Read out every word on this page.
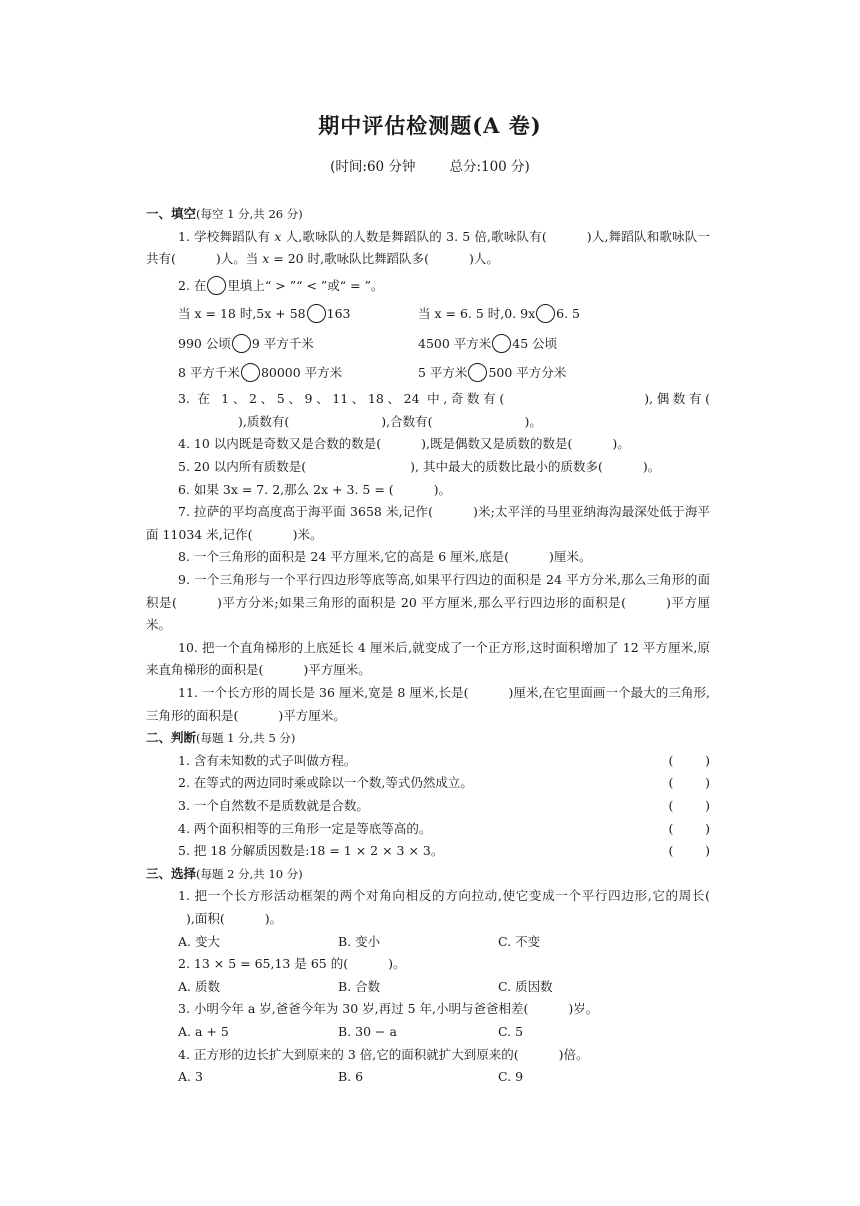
期中评估检测题(A 卷)
(时间:60 分钟	总分:100 分)

一、填空(每空 1 分,共 26 分)

1. 学校舞蹈队有 x 人,歌咏队的人数是舞蹈队的 3. 5 倍,歌咏队有(	)人,舞蹈队和歌咏队一共有(	)人。当 x = 20 时,歌咏队比舞蹈队多(	)人。

2. 在 里填上“ > ”“ < ”或“ = ”。

当 x = 18 时,5x + 58 163	当 x = 6. 5 时,0. 9x 6. 5
990 公顷 9 平方千米	4500 平方米 45 公顷
8 平方千米 80000 平方米	5 平方米 500 平方分米

3. 在 1、2、5、9、11、18、24 中,奇数有(	),偶数有(),质数有(	),合数有(	)。

4. 10 以内既是奇数又是合数的数是(	),既是偶数又是质数的数是(	)。

5. 20 以内所有质数是(	), 其中最大的质数比最小的质数多(	)。

6. 如果 3x = 7. 2,那么 2x + 3. 5 = (	)。

7. 拉萨的平均高度高于海平面 3658 米,记作(	)米;太平洋的马里亚纳海沟最深处低于海平面 11034 米,记作(	)米。

8. 一个三角形的面积是 24 平方厘米,它的高是 6 厘米,底是(	)厘米。

9. 一个三角形与一个平行四边形等底等高,如果平行四边的面积是 24 平方分米,那么三角形的面积是(	)平方分米;如果三角形的面积是 20 平方厘米,那么平行四边形的面积是(	)平方厘米。

10. 把一个直角梯形的上底延长 4 厘米后,就变成了一个正方形,这时面积增加了 12 平方厘米,原来直角梯形的面积是(	)平方厘米。

11. 一个长方形的周长是 36 厘米,宽是 8 厘米,长是(	)厘米,在它里面画一个最大的三角形,三角形的面积是(	)平方厘米。

二、判断(每题 1 分,共 5 分)

1. 含有未知数的式子叫做方程。	(        )
2. 在等式的两边同时乘或除以一个数,等式仍然成立。	(        )
3. 一个自然数不是质数就是合数。	(        )
4. 两个面积相等的三角形一定是等底等高的。	(        )
5. 把 18 分解质因数是:18 = 1 × 2 × 3 × 3。	(        )

三、选择(每题 2 分,共 10 分)

1. 把一个长方形活动框架的两个对角向相反的方向拉动,使它变成一个平行四边形,它的周长(),面积(	)。

A. 变大	B. 变小	C. 不变

2. 13 × 5 = 65,13 是 65 的(	)。

A. 质数	B. 合数	C. 质因数

3. 小明今年 a 岁,爸爸今年为 30 岁,再过 5 年,小明与爸爸相差(	)岁。

A. a + 5	B. 30 − a	C. 5

4. 正方形的边长扩大到原来的 3 倍,它的面积就扩大到原来的(	)倍。

A. 3	B. 6	C. 9
